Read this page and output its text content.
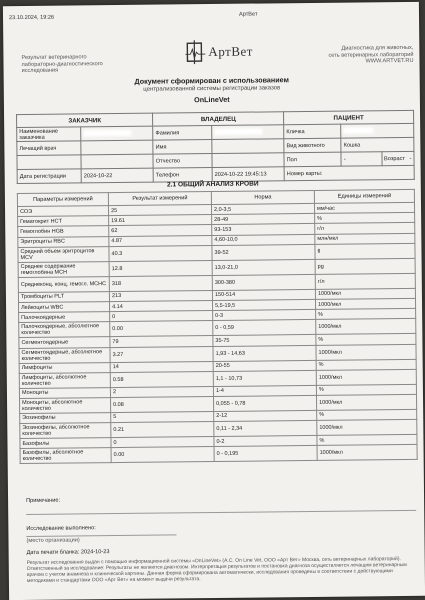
23.10.2024, 19:26
АртВет
Результат ветеринарного лабораторно-диагностического исследования
АртВет	Диагностика для животных,
сеть ветеринарных лабораторий
WWW.ARTVET.RU
Документ сформирован с использованием
централизованной системы регистрации заказов
OnLineVet
ЗАКАЗЧИК		ВЛАДЕЛЕЦ		ПАЦИЕНТ		
Наименование заказчика		Фамилия		Кличка		
Лечащий врач		Имя		Вид животного	Кошка	
		Отчество		Пол	-	Возраст -
Дата регистрации	2024-10-22	Телефон	2024-10-22 19:45:13	Номер карты:		
2.1 ОБЩИЙ АНАЛИЗ КРОВИ
Параметры измерений	Результат измерений	Норма	Единицы измерений
СОЭ	25	2,0-3,5	мм/час
Гематокрит HCT	19.61	28-49	%
Гемоглобин HGB	62	93-153	г/л
Эритроциты RBC	4.87	4,60-10,0	млн/мкл
Средний объем эритроцитов MCV	40.3	39-52	fl
Среднее содержание гемоглобина MCH	12.8	13,0-21,0	pg
Среднеконц. конц. гемогл. MCHC	318	300-380	г/л
Тромбоциты PLT	213	150-514	1000/мкл
Лейкоциты WBC	4.14	5,5-19,5	1000/мкл
Палочкоядерные	0	0-3	%
Палочкоядерные, абсолютное количество	0.00	0 - 0,59	1000/мкл
Сегментоядерные	79	35-75	%
Сегментоядерные, абсолютное количество	3.27	1,93 - 14,63	1000/мкл
Лимфоциты	14	20-55	%
Лимфоциты, абсолютное количество	0.58	1,1 - 10,73	1000/мкл
Моноциты	2	1-4	%
Моноциты, абсолютное количество	0.08	0,055 - 0,78	1000/мкл
Эозинофилы	5	2-12	%
Эозинофилы, абсолютное количество	0.21	0,11 - 2,34	1000/мкл
Базофилы	0	0-2	%
Базофилы, абсолютное количество	0.00	0 - 0,195	1000/мкл
Примечание:
Исследование выполнено:
(место организации)
Дата печати бланка: 2024-10-23
Результат исследования выдан с помощью информационной системы «OnLineVet» (А.С. On Line Vet, ООО «Арт Вет» Москва, сеть ветеринарных лабораторий). Ответственный за исследование: Результаты не являются диагнозом. Интерпретация результатов и постановка диагноза осуществляется лечащим ветеринарным врачом с учетом анамнеза и клинической картины. Данная форма сформирована автоматически, исследования проведены в соответствии с действующими методиками и стандартами ООО «Арт Вет» на момент выдачи результата.
